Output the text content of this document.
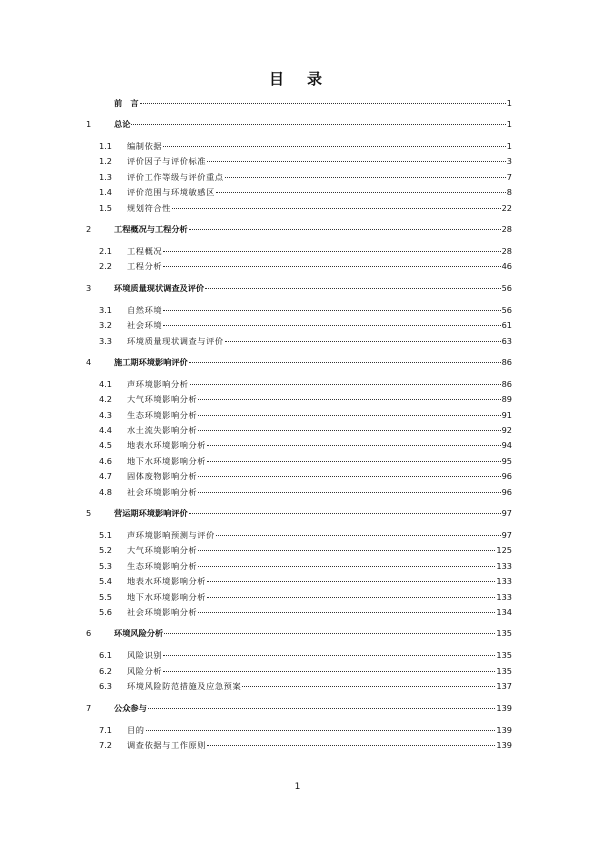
目　录
前　言	1
1	总论	1
1.1	编制依据	1
1.2	评价因子与评价标准	3
1.3	评价工作等级与评价重点	7
1.4	评价范围与环境敏感区	8
1.5	规划符合性	22
2	工程概况与工程分析	28
2.1	工程概况	28
2.2	工程分析	46
3	环境质量现状调查及评价	56
3.1	自然环境	56
3.2	社会环境	61
3.3	环境质量现状调查与评价	63
4	施工期环境影响评价	86
4.1	声环境影响分析	86
4.2	大气环境影响分析	89
4.3	生态环境影响分析	91
4.4	水土流失影响分析	92
4.5	地表水环境影响分析	94
4.6	地下水环境影响分析	95
4.7	固体废物影响分析	96
4.8	社会环境影响分析	96
5	营运期环境影响评价	97
5.1	声环境影响预测与评价	97
5.2	大气环境影响分析	125
5.3	生态环境影响分析	133
5.4	地表水环境影响分析	133
5.5	地下水环境影响分析	133
5.6	社会环境影响分析	134
6	环境风险分析	135
6.1	风险识别	135
6.2	风险分析	135
6.3	环境风险防范措施及应急预案	137
7	公众参与	139
7.1	目的	139
7.2	调查依据与工作原则	139
1
